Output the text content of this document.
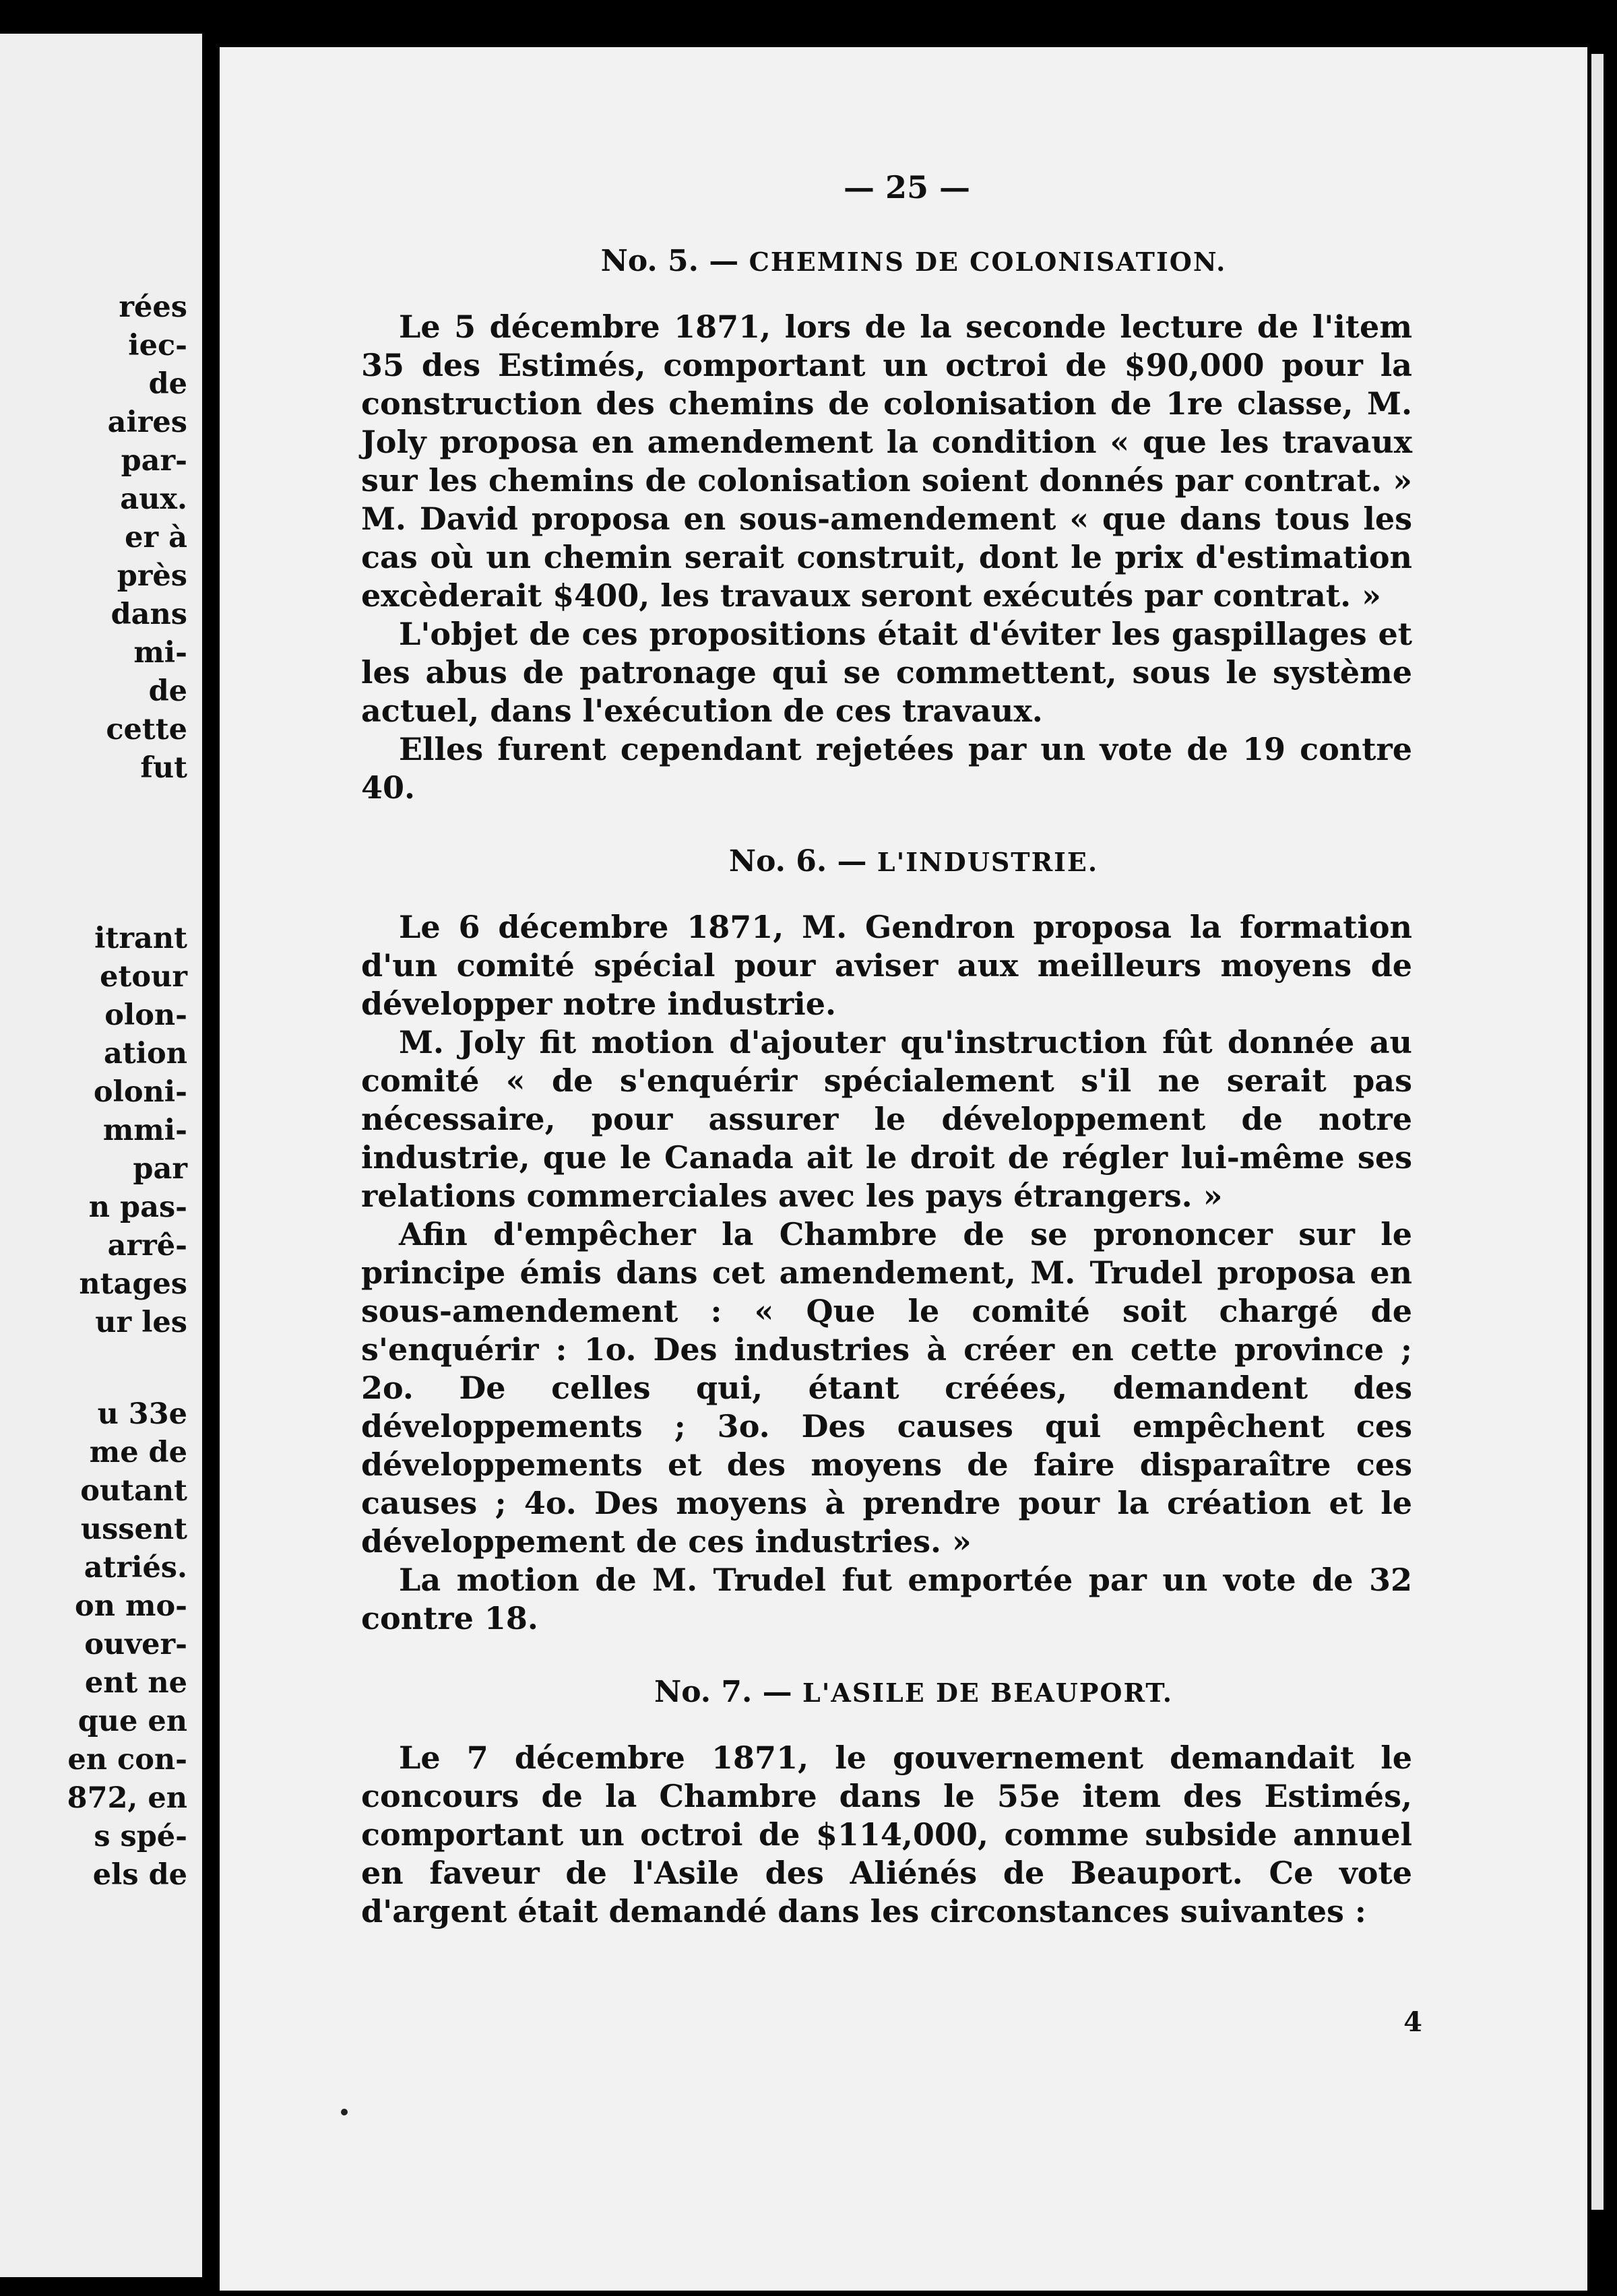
rées
iec-
de
aires
par-
aux.
er à
près
dans
mi-
de
cette
fut
itrant
etour
olon-
ation
oloni-
mmi-
par
n pas-
arrê-
ntages
ur les
u 33e
me de
outant
ussent
atriés.
on mo-
ouver-
ent ne
que en
en con-
872, en
s spé-
els de
— 25 —
No. 5. — CHEMINS DE COLONISATION.

Le 5 décembre 1871, lors de la seconde lecture de l'item 35 des Estimés, comportant un octroi de $90,000 pour la construction des chemins de colonisation de 1re classe, M. Joly proposa en amendement la condition « que les travaux sur les chemins de colonisation soient donnés par contrat. » M. David proposa en sous-amendement « que dans tous les cas où un chemin serait construit, dont le prix d'estimation excèderait $400, les travaux seront exécutés par contrat. »

L'objet de ces propositions était d'éviter les gaspillages et les abus de patronage qui se commettent, sous le système actuel, dans l'exécution de ces travaux.

Elles furent cependant rejetées par un vote de 19 contre 40.

No. 6. — L'INDUSTRIE.

Le 6 décembre 1871, M. Gendron proposa la formation d'un comité spécial pour aviser aux meilleurs moyens de développer notre industrie.

M. Joly fit motion d'ajouter qu'instruction fût donnée au comité « de s'enquérir spécialement s'il ne serait pas nécessaire, pour assurer le développement de notre industrie, que le Canada ait le droit de régler lui-même ses relations commerciales avec les pays étrangers. »

Afin d'empêcher la Chambre de se prononcer sur le principe émis dans cet amendement, M. Trudel proposa en sous-amendement : « Que le comité soit chargé de s'enquérir : 1o. Des industries à créer en cette province ; 2o. De celles qui, étant créées, demandent des développements ; 3o. Des causes qui empêchent ces développements et des moyens de faire disparaître ces causes ; 4o. Des moyens à prendre pour la création et le développement de ces industries. »

La motion de M. Trudel fut emportée par un vote de 32 contre 18.

No. 7. — L'ASILE DE BEAUPORT.

Le 7 décembre 1871, le gouvernement demandait le concours de la Chambre dans le 55e item des Estimés, comportant un octroi de $114,000, comme subside annuel en faveur de l'Asile des Aliénés de Beauport. Ce vote d'argent était demandé dans les circonstances suivantes :

4
